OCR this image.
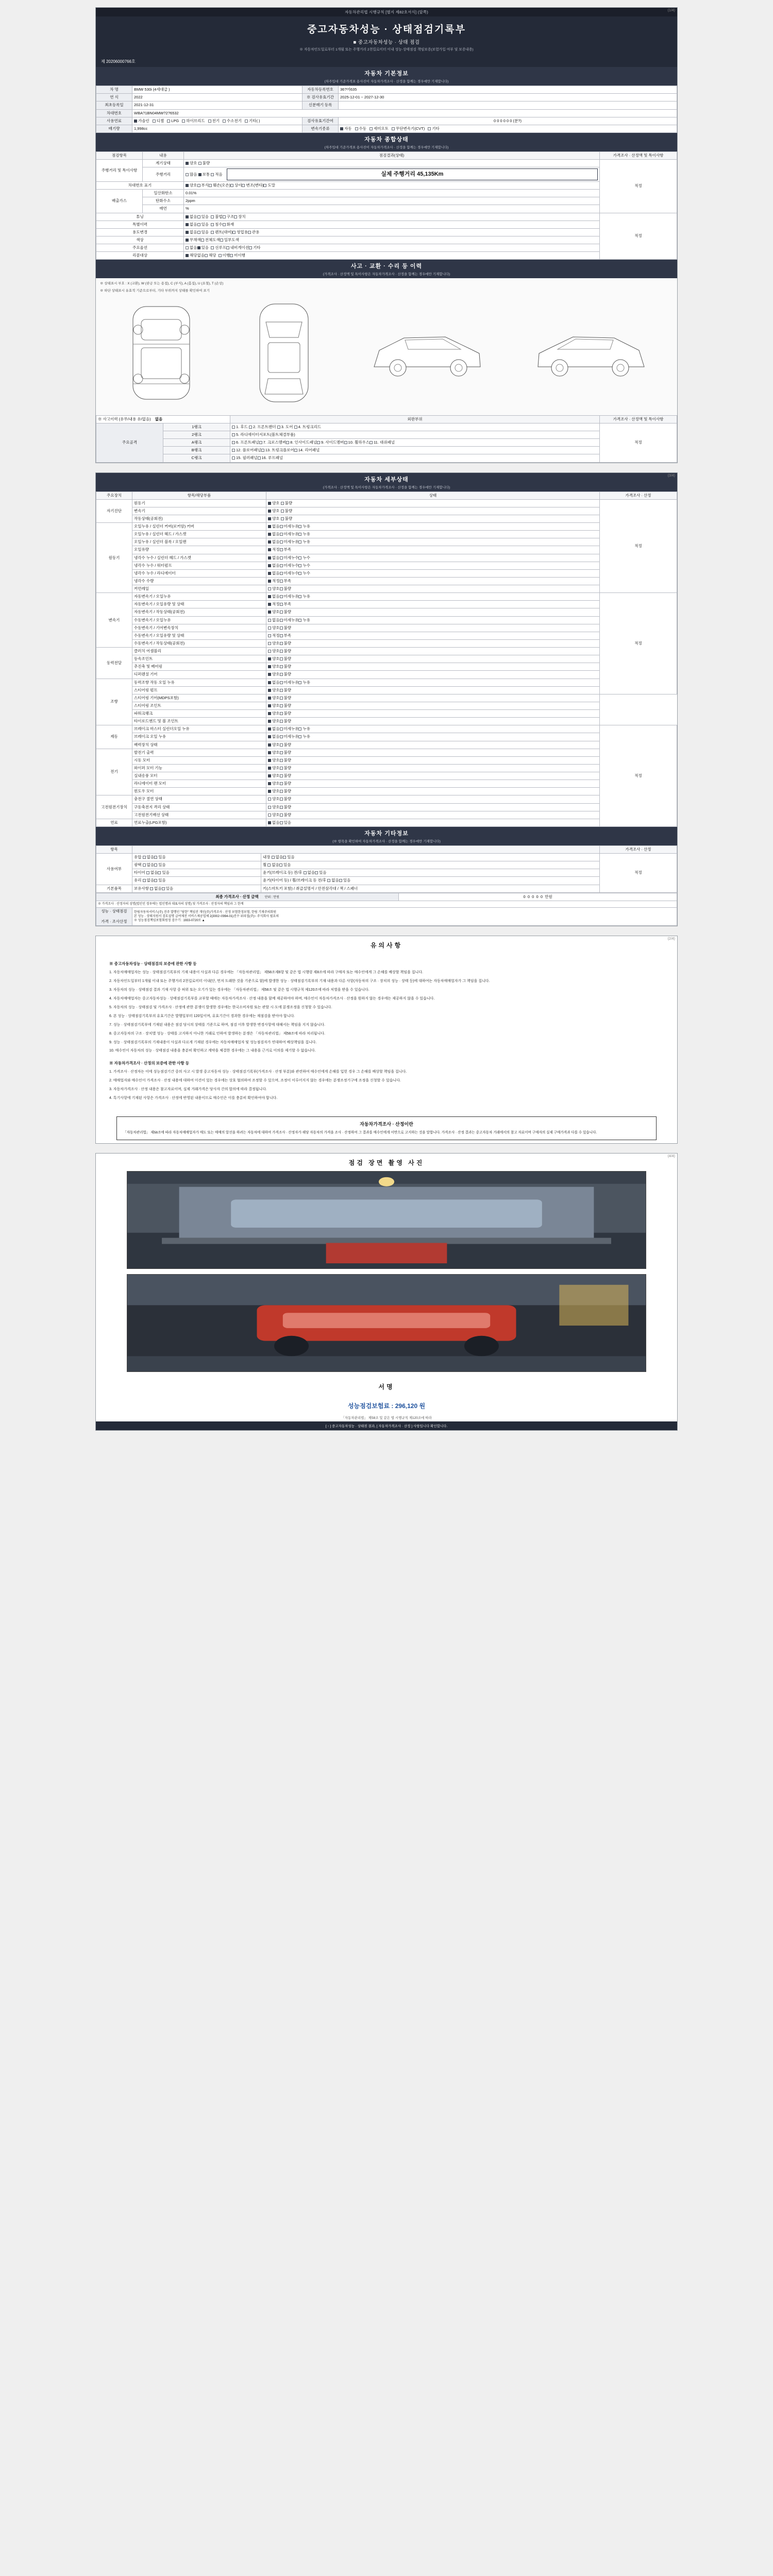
(1/4)
자동차관리법 시행규칙 [별지 제82호서식] (앞쪽)
중고자동차성능 · 상태점검기록부
■ 중고자동차성능 · 상태 점검
※ 자동차인도일로부터 1개월 또는 주행거리 2천킬로미터 이내 성능·상태점검 책임보증(보험가입 여부 및 보증내용)
제 20206000766호
자동차 기본정보
(차주입대 기준가격표 용사진이 자동차가격조사 · 산정을 함께는 경우에만 기재합니다)
차 명	BMW 530i (4세대급 )	자동차등록번호	36?머635
연 식	2022	※ 검사유효기간	2025-12-01 ~ 2027-12-30
최초등록일	2021-12-31	신분매기 등록	
차대번호	WBA?1BN04MW?2?6532		
사용연료	가솔린 디젤 LPG 하이브리드 전기 수소전기 기타( )	검사유효기간여	0 0 0 0 0 0 (분?)
배기량	1,998cc	변속기종류	자동 수동 세미오토 무단변속기(CVT) 기타
자동차 종합상태
(차주입대 기준가격표 용사진이 자동차가격조사 · 산정을 함께는 경우에만 기재합니다)
점검항목	내용	점검결과(상태)	가격조사 · 산정액 및 특이사항
주행거리 및 특이사항	계기상태	양호 불량	적정
	주행거리	많음 보통 적음 실제 주행거리 45,135Km	

차대번호 표기		양호 부식 훼손(오손) 상이 변조(변타) 도말	
배출가스	일산화탄소	0.01%	
	탄화수소	2ppm	
	매연	%	
튜닝		없음 있음 불법 구조 장치	적정
특별이력		없음 있음 침수 화재	
용도변경		없음 있음 렌트(대여) 영업용 관용	
색상		무채색 전체도색 일부도색	
주요옵션		없음 있음 선루프 내비게이션 기타	
리콜대상		해당없음 해당 이행 미이행	
사고 · 교환 · 수리 등 이력
(가격조사 · 산정액 및 특이사항은 자동차가격조사 · 산정을 함께는 경우에만 기재합니다)
※ 상태표시 부호 : X (교환), W (판금 또는 용접), C (부식), A (흠집), U (요철), T (손상)
※ 하단 상태표시 유효적 기준으로부터, 기타 부위까지 상태를 확인하여 표기
※ 사고이력 (유무/내용 유/없음) 없음		외판부위	가격조사 · 산정액 및 특이사항
주요골격	1랭크	1. 후드 2. 프론트팬더 3. 도어 4. 트렁크리드	적정
	2랭크	5. 라디에이터서포트(볼트체결부품)	
	A랭크	6. 프론트패널 7. 크로스멤버 8. 인사이드패널 9. 사이드멤버 10. 휠하우스 11. 대쉬패널	
	B랭크	12. 플로어패널 13. 트렁크플로어 14. 리어패널	
	C랭크	15. 필러패널 16. 루프패널	
(3/4)
자동차 세부상태
(가격조사 · 산정액 및 특이사항은 자동차가격조사 · 산정을 함께는 경우에만 기재합니다)
주요장치	항목/해당부품	상태	가격조사 · 산정
자기진단	원동기	양호 불량	적정
	변속기	양호 불량	
	작동상태(공회전)	양호 불량	
원동기	오일누유 / 실린더 커버(로커암) 커버	없음 미세누유 누유	
	오일누유 / 실린더 헤드 / 가스켓	없음 미세누유 누유	
	오일누유 / 실린더 블록 / 오일팬	없음 미세누유 누유	
	오일유량	적정 부족	
	냉각수 누수 / 실린더 헤드 / 가스켓	없음 미세누수 누수	
	냉각수 누수 / 워터펌프	없음 미세누수 누수	
	냉각수 누수 / 라디에이터	없음 미세누수 누수	
	냉각수 수량	적정 부족	
	커먼레일	양호 불량	
변속기	자동변속기 / 오일누유	없음 미세누유 누유	적정
	자동변속기 / 오일유량 및 상태	적정 부족	
	자동변속기 / 작동상태(공회전)	양호 불량	
	수동변속기 / 오일누유	없음 미세누유 누유	
	수동변속기 / 기어변속장치	양호 불량	
	수동변속기 / 오일유량 및 상태	적정 부족	
	수동변속기 / 작동상태(공회전)	양호 불량	
동력전달	클러치 어셈블리	양호 불량	
	등속조인트	양호 불량	
	추진축 및 베어링	양호 불량	
	디퍼렌셜 기어	양호 불량	
조향	동력조향 작동 오일 누유	없음 미세누유 누유	
	스티어링 펌프	양호 불량	
	스티어링 기어(MDPS포함)	양호 불량	
	스티어링 조인트	양호 불량	
	파워크랭크	양호 불량	
	타이로드엔드 및 볼 조인트	양호 불량	
제동	브레이크 마스터 실린더오일 누유	없음 미세누유 누유	적정
	브레이크 오일 누유	없음 미세누유 누유	
	배력장치 상태	양호 불량	
전기	발전기 출력	양호 불량	
	시동 모터	양호 불량	
	와이퍼 모터 기능	양호 불량	
	실내송풍 모터	양호 불량	
	라디에이터 팬 모터	양호 불량	
	윈도우 모터	양호 불량	
고전원전기장치	충전구 절연 상태	양호 불량	
	구동축전지 격리 상태	양호 불량	
	고전원전기배선 상태	양호 불량	
연료	연료누출(LPG포함)	없음 있음	
자동차 기타정보
(※ 항목을 확인하여 자동차가격조사 · 산정을 함께는 경우에만 기재합니다)
항목			가격조사 · 산정
사용여부	유압 없음 있음	내장 없음 있음	적정
	광택 없음 있음	휠 없음 있음	
	타이어 없음 있음	윤거(브레이크 등) 전/후 없음 있음	
	유리 없음 있음	윤거(타이어 등) / 휠/브레이크 등 전/후 없음 있음	
기본품목	보유사항 없음 있음	키(스마트키 포함) / 취급설명서 / 안전삼각대 / 잭 / 스패너	
최종 가격조사 · 산정 금액 단위 : 만원		0 0 0 0 0 만원
※ 가격조사 · 산정자의 성명(법인인 경우에는 법인명과 대표자의 성명) 및 가격조사 · 산정자의 책임과 그 한계		

성능 · 상태점검
가격 · 조사산정

한림자동차서비스(주) 진주 발행인 "당한" 책임진 개인(주)가격조사 · 산정 보험한정보험, 한림 기재주의회원
본 성능 · 상태지원서 검토설명 급여제진 서비스제공업체 2(3002~0994-01)진수 위피접(주)~ 주식회사 필요의
※ 성능점검책임보험회원정 검수기 : 1933-0720로 ▲
(2/4)
유의사항
※ 중고자동차성능 · 상태점검의 보증에 관한 사항 등

1. 자동차매매업자는 성능 · 상태점검기록부의 기재 내용이 사실과 다른 경우에는 「자동차관리법」 제58조제6항 및 같은 법 시행령 제8조에 따라 구매자 또는 매수인에게 그 손해를 배상할 책임을 집니다.

2. 자동차인도일부터 1개월 이내 또는 주행거리 2천킬로미터 이내(단, 먼저 도래한 것을 기준으로 함)에 발생한 성능 · 상태점검기록부의 기재 내용과 다른 사항(자동차의 구조 · 장치의 성능 · 상태 등)에 대하여는 자동차매매업자가 그 책임을 집니다.

3. 자동차의 성능 · 상태점검 결과 기재 사항 중 허위 또는 오기가 있는 경우에는 「자동차관리법」 제58조 및 같은 법 시행규칙 제120조에 따라 처벌을 받을 수 있습니다.

4. 자동차매매업자는 중고자동차성능 · 상태점검기록부를 교부할 때에는 자동차가격조사 · 산정 내용을 함께 제공하여야 하며, 매수인이 자동차가격조사 · 산정을 원하지 않는 경우에는 제공하지 않을 수 있습니다.

5. 자동차의 성능 · 상태점검 및 가격조사 · 산정에 관한 분쟁이 발생한 경우에는 한국소비자원 또는 관할 시·도에 분쟁조정을 신청할 수 있습니다.

6. 본 성능 · 상태점검기록부의 유효기간은 발행일부터 120일이며, 유효기간이 경과한 경우에는 재점검을 받아야 합니다.

7. 성능 · 상태점검기록부에 기재된 내용은 점검 당시의 상태를 기준으로 하며, 점검 이후 발생한 변경사항에 대해서는 책임을 지지 않습니다.

8. 중고자동차의 구조 · 장치별 성능 · 상태를 고지하지 아니한 거래로 인하여 발생하는 분쟁은 「자동차관리법」 제58조에 따라 처리됩니다.

9. 성능 · 상태점검기록부의 기재내용이 사실과 다르게 기재된 경우에는 자동차매매업자 및 성능점검자가 연대하여 배상책임을 집니다.

10. 매수인이 자동차의 성능 · 상태점검 내용을 충분히 확인하고 계약을 체결한 경우에는 그 내용을 근거로 이의를 제기할 수 없습니다.

※ 자동차가격조사 · 산정의 보증에 관한 사항 등

1. 가격조사 · 산정자는 이에 성능점검기간 중의 사고 시 발생 중고자동차 성능 · 상태점검기록부(가격조사 · 산정 부분)와 관련하여 매수인에게 손해를 입힌 경우 그 손해를 배상할 책임을 집니다.

2. 매매업자와 매수인이 가격조사 · 산정 내용에 대하여 이견이 있는 경우에는 상호 협의하여 조정할 수 있으며, 조정이 이루어지지 않는 경우에는 분쟁조정기구에 조정을 신청할 수 있습니다.

3. 자동차가격조사 · 산정 내용은 참고자료이며, 실제 거래가격은 당사자 간의 합의에 따라 결정됩니다.

4. 특기사항에 기재된 사항은 가격조사 · 산정에 반영된 내용이므로 매수인은 이를 충분히 확인하여야 합니다.

자동차가격조사 · 산정이란
「자동차관리법」 제58조에 따라 자동차매매업자가 매도 또는 매매의 알선을 하려는 자동차에 대하여 가격조사 · 산정자가 해당 자동차의 가격을 조사 · 산정하여 그 결과를 매수인에게 서면으로 고지하는 것을 말합니다. 가격조사 · 산정 결과는 중고자동차 거래에서의 참고 자료이며 구매자의 실제 구매가격과 다를 수 있습니다.
(4/4)
점검 장면 촬영 사진
서명
성능점검보험료 : 296,120 원
「자동차관리법」 제58조 및 같은 법 시행규칙 제120조에 따라
[ ↑ ] 중고자동차성능 · 상태점 결과, [ 자동차가격조사 · 산정 ] 사항입니다 확인합니다.
